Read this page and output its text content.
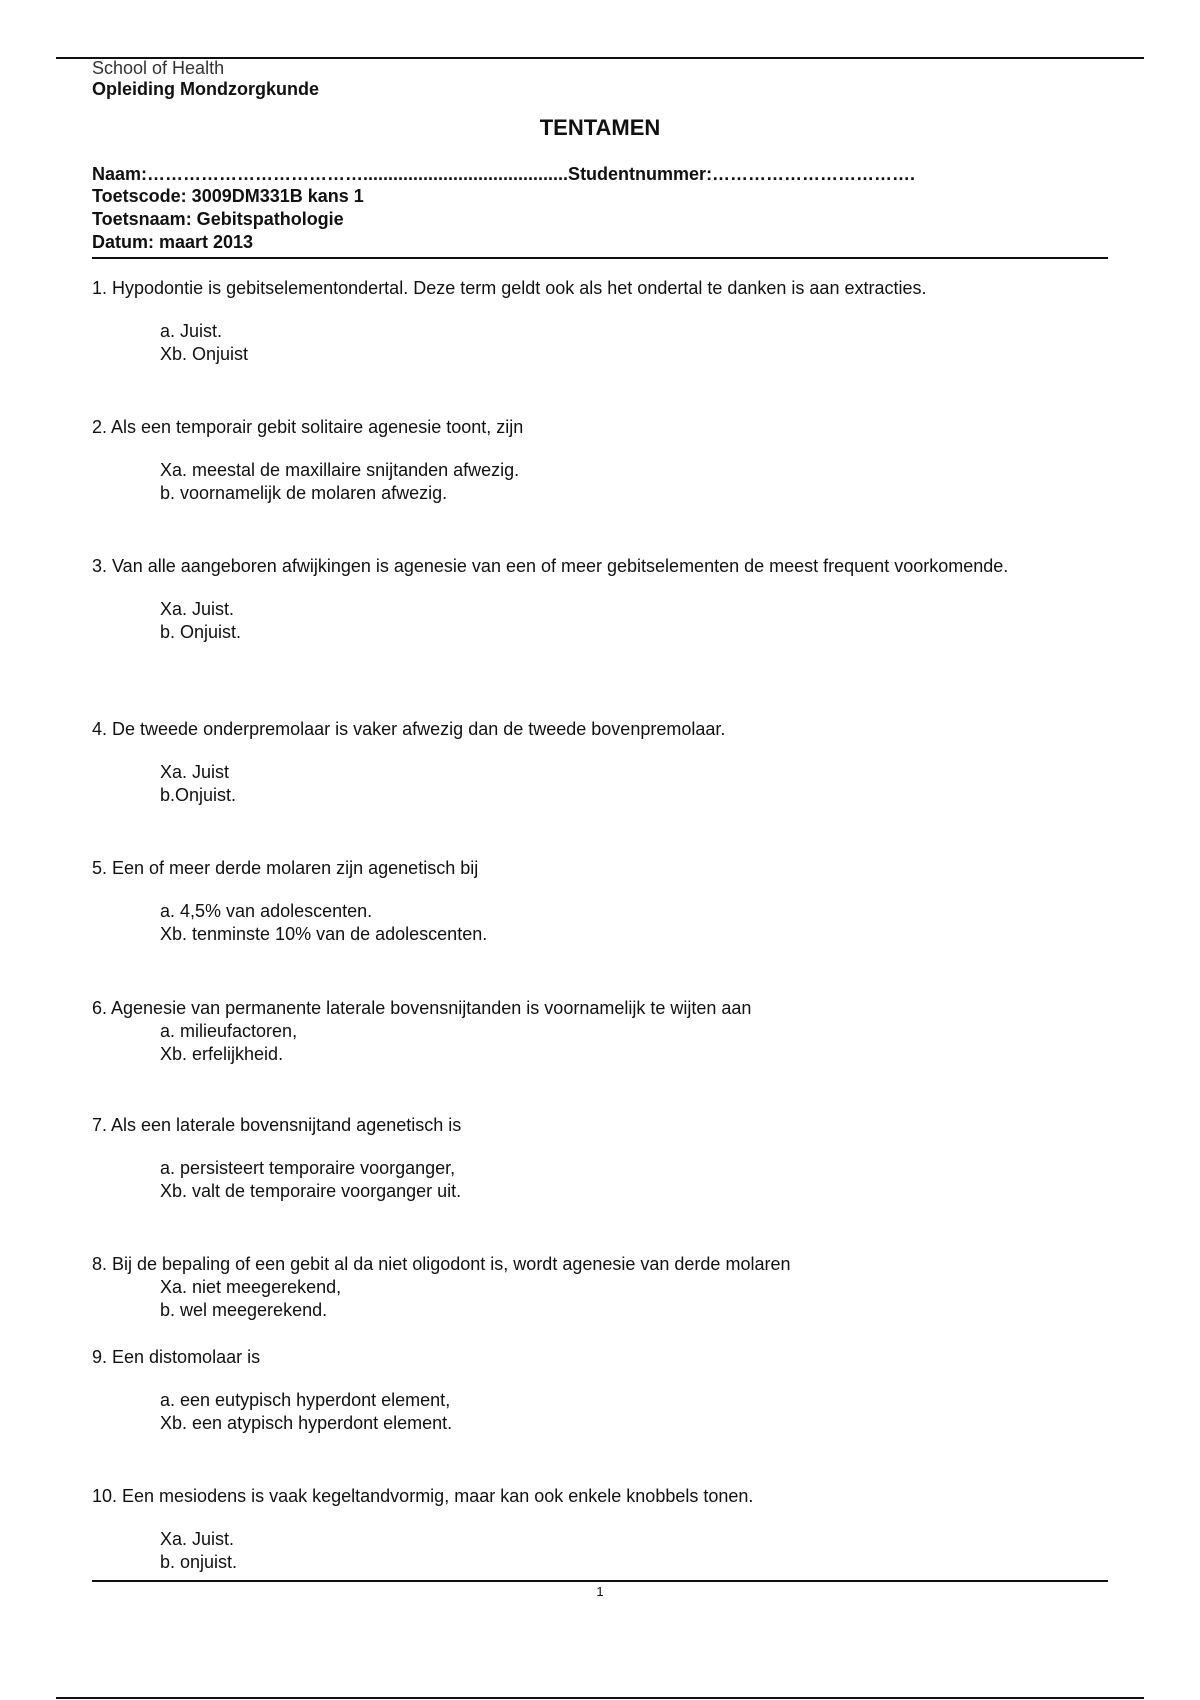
School of Health
Opleiding Mondzorgkunde
TENTAMEN
Naam:……………………………….........................................Studentnummer:…………………………….
Toetscode: 3009DM331B kans 1
Toetsnaam: Gebitspathologie
Datum: maart 2013
1. Hypodontie is gebitselementondertal. Deze term geldt ook als het ondertal te danken is aan extracties.
a. Juist.
Xb. Onjuist
2. Als een temporair gebit solitaire agenesie toont, zijn
Xa. meestal de maxillaire snijtanden afwezig.
b. voornamelijk de molaren afwezig.
3. Van alle aangeboren afwijkingen is agenesie van een of meer gebitselementen de meest frequent voorkomende.
Xa. Juist.
b. Onjuist.
4. De tweede onderpremolaar is vaker afwezig dan de tweede bovenpremolaar.
Xa. Juist
b.Onjuist.
5. Een of meer derde molaren zijn agenetisch bij
a. 4,5% van adolescenten.
Xb. tenminste 10% van de adolescenten.
6. Agenesie van permanente laterale bovensnijtanden is voornamelijk te wijten aan
a. milieufactoren,
Xb. erfelijkheid.
7. Als een laterale bovensnijtand agenetisch is
a. persisteert temporaire voorganger,
Xb. valt de temporaire voorganger uit.
8. Bij de bepaling of een gebit al da niet oligodont is, wordt agenesie van derde molaren
Xa. niet meegerekend,
b. wel meegerekend.
9. Een distomolaar is
a. een eutypisch hyperdont element,
Xb. een atypisch hyperdont element.
10. Een mesiodens is vaak kegeltandvormig, maar kan ook enkele knobbels tonen.
Xa. Juist.
b. onjuist.
1
